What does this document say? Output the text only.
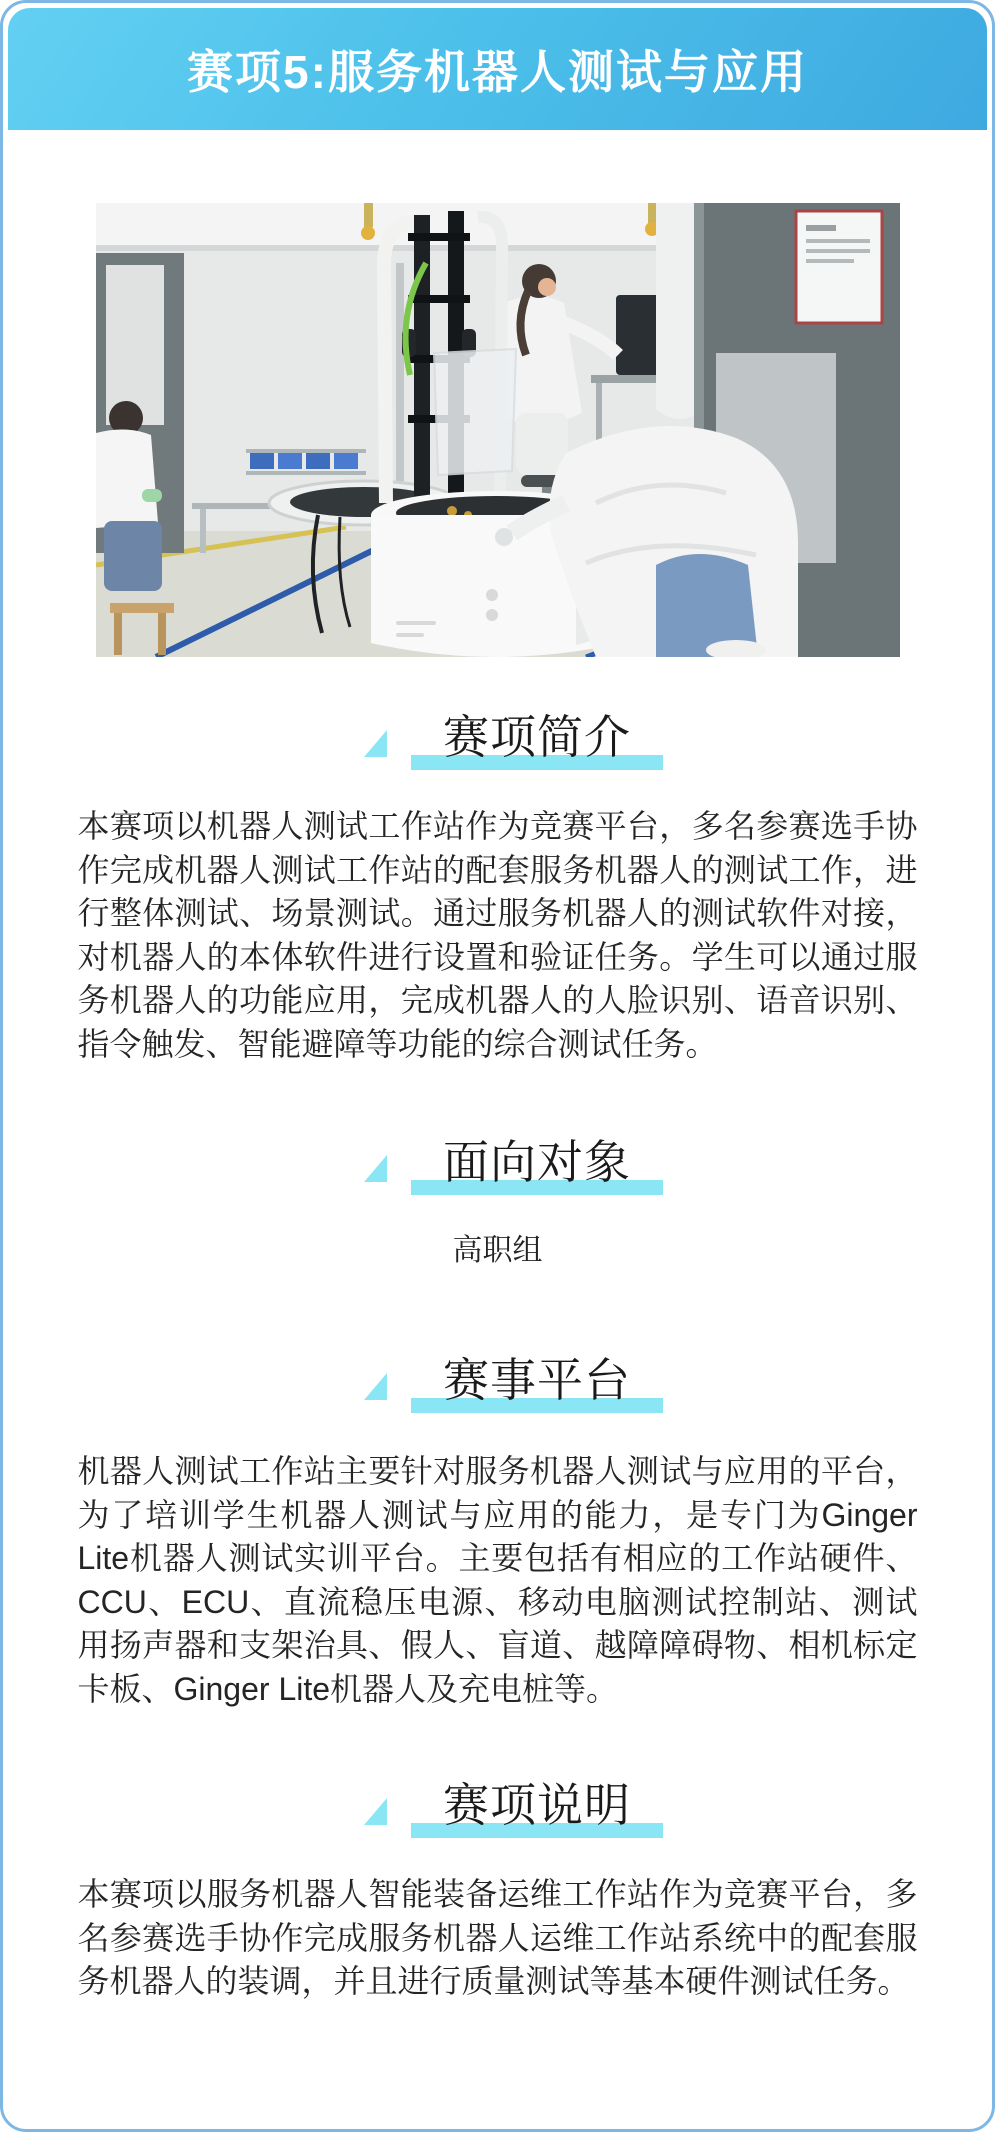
赛项5:服务机器人测试与应用
赛项简介

本赛项以机器人测试工作站作为竞赛平台，多名参赛选手协作完成机器人测试工作站的配套服务机器人的测试工作，进行整体测试、场景测试。通过服务机器人的测试软件对接，对机器人的本体软件进行设置和验证任务。学生可以通过服务机器人的功能应用，完成机器人的人脸识别、语音识别、指令触发、智能避障等功能的综合测试任务。

面向对象

高职组

赛事平台

机器人测试工作站主要针对服务机器人测试与应用的平台，为了培训学生机器人测试与应用的能力，是专门为Ginger Lite机器人测试实训平台。主要包括有相应的工作站硬件、CCU、ECU、直流稳压电源、移动电脑测试控制站、测试用扬声器和支架治具、假人、盲道、越障障碍物、相机标定卡板、Ginger Lite机器人及充电桩等。

赛项说明

本赛项以服务机器人智能装备运维工作站作为竞赛平台，多名参赛选手协作完成服务机器人运维工作站系统中的配套服务机器人的装调，并且进行质量测试等基本硬件测试任务。
